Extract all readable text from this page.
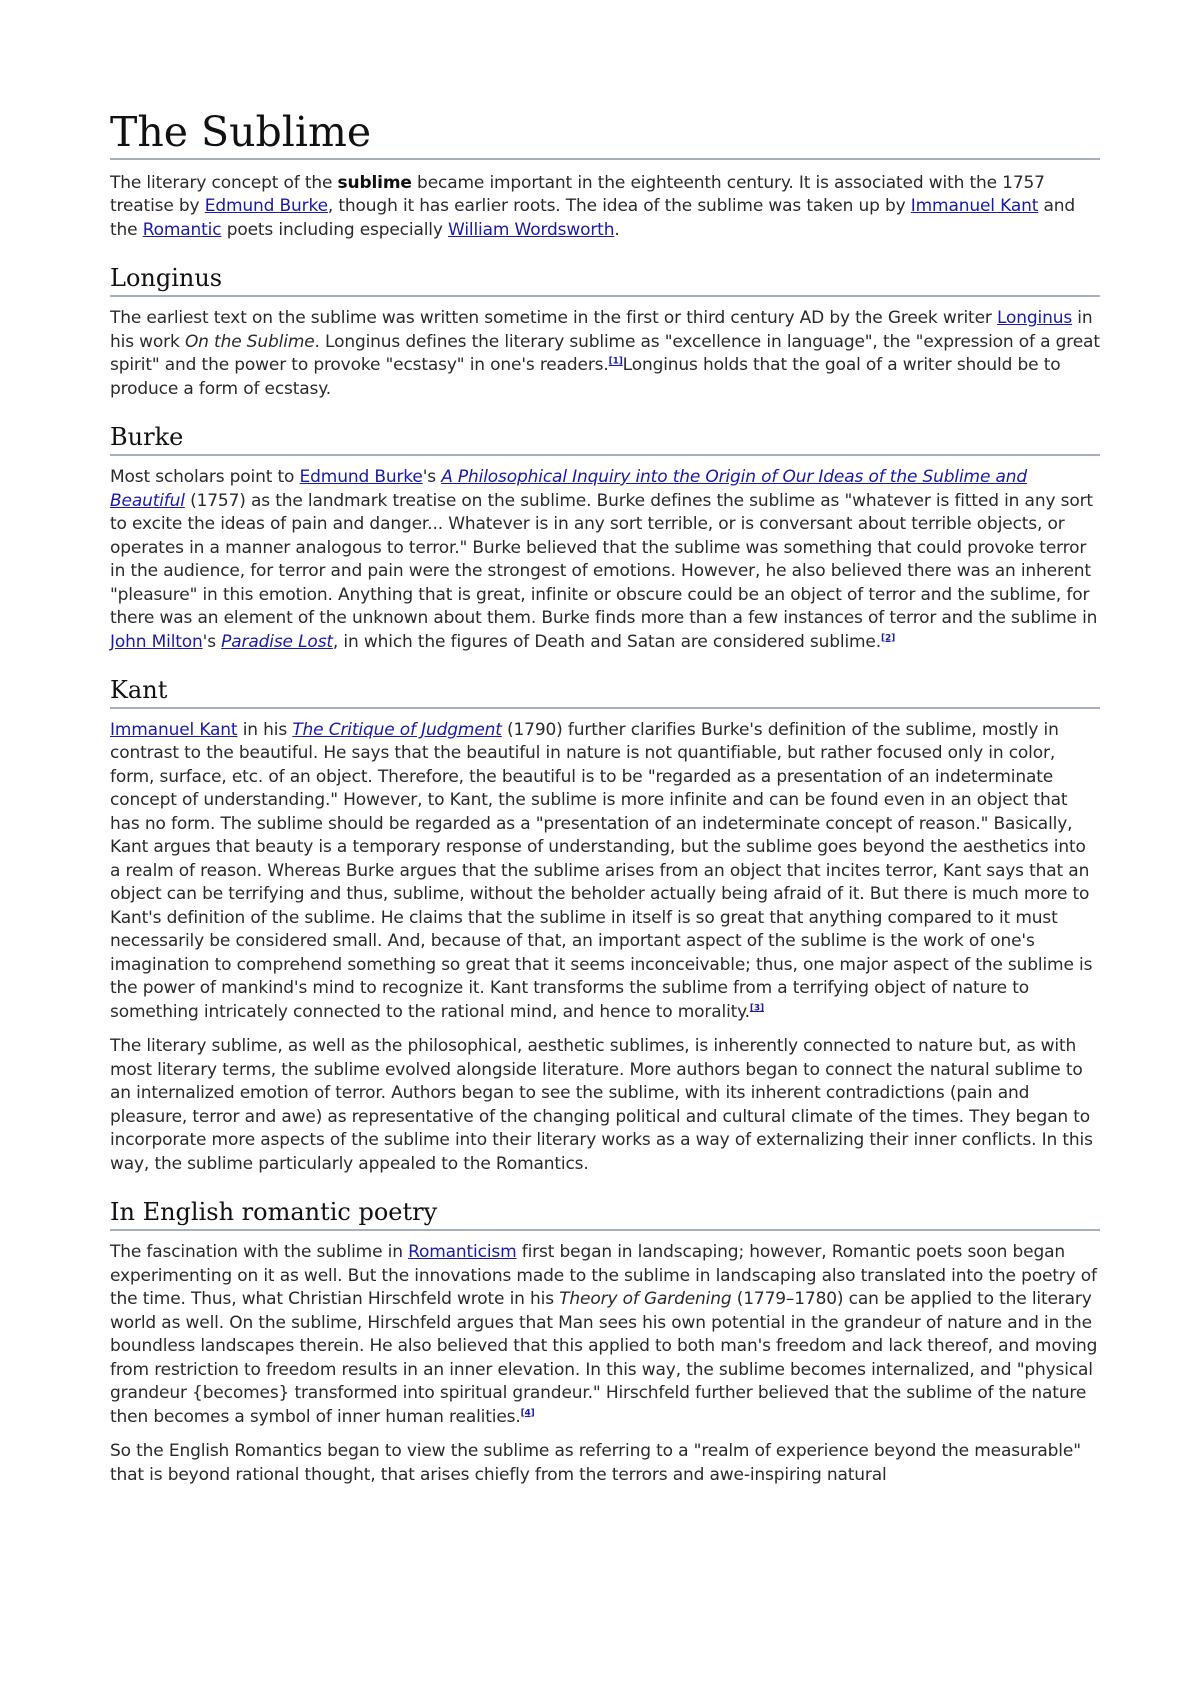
The Sublime

The literary concept of the sublime became important in the eighteenth century. It is associated with the 1757 treatise by Edmund Burke, though it has earlier roots. The idea of the sublime was taken up by Immanuel Kant and the Romantic poets including especially William Wordsworth.

Longinus

The earliest text on the sublime was written sometime in the first or third century AD by the Greek writer Longinus in his work On the Sublime. Longinus defines the literary sublime as "excellence in language", the "expression of a great spirit" and the power to provoke "ecstasy" in one's readers.[1]Longinus holds that the goal of a writer should be to produce a form of ecstasy.

Burke

Most scholars point to Edmund Burke's A Philosophical Inquiry into the Origin of Our Ideas of the Sublime and Beautiful (1757) as the landmark treatise on the sublime. Burke defines the sublime as "whatever is fitted in any sort to excite the ideas of pain and danger... Whatever is in any sort terrible, or is conversant about terrible objects, or operates in a manner analogous to terror." Burke believed that the sublime was something that could provoke terror in the audience, for terror and pain were the strongest of emotions. However, he also believed there was an inherent "pleasure" in this emotion. Anything that is great, infinite or obscure could be an object of terror and the sublime, for there was an element of the unknown about them. Burke finds more than a few instances of terror and the sublime in John Milton's Paradise Lost, in which the figures of Death and Satan are considered sublime.[2]

Kant

Immanuel Kant in his The Critique of Judgment (1790) further clarifies Burke's definition of the sublime, mostly in contrast to the beautiful. He says that the beautiful in nature is not quantifiable, but rather focused only in color, form, surface, etc. of an object. Therefore, the beautiful is to be "regarded as a presentation of an indeterminate concept of understanding." However, to Kant, the sublime is more infinite and can be found even in an object that has no form. The sublime should be regarded as a "presentation of an indeterminate concept of reason." Basically, Kant argues that beauty is a temporary response of understanding, but the sublime goes beyond the aesthetics into a realm of reason. Whereas Burke argues that the sublime arises from an object that incites terror, Kant says that an object can be terrifying and thus, sublime, without the beholder actually being afraid of it. But there is much more to Kant's definition of the sublime. He claims that the sublime in itself is so great that anything compared to it must necessarily be considered small. And, because of that, an important aspect of the sublime is the work of one's imagination to comprehend something so great that it seems inconceivable; thus, one major aspect of the sublime is the power of mankind's mind to recognize it. Kant transforms the sublime from a terrifying object of nature to something intricately connected to the rational mind, and hence to morality.[3]

The literary sublime, as well as the philosophical, aesthetic sublimes, is inherently connected to nature but, as with most literary terms, the sublime evolved alongside literature. More authors began to connect the natural sublime to an internalized emotion of terror. Authors began to see the sublime, with its inherent contradictions (pain and pleasure, terror and awe) as representative of the changing political and cultural climate of the times. They began to incorporate more aspects of the sublime into their literary works as a way of externalizing their inner conflicts. In this way, the sublime particularly appealed to the Romantics.

In English romantic poetry

The fascination with the sublime in Romanticism first began in landscaping; however, Romantic poets soon began experimenting on it as well. But the innovations made to the sublime in landscaping also translated into the poetry of the time. Thus, what Christian Hirschfeld wrote in his Theory of Gardening (1779–1780) can be applied to the literary world as well. On the sublime, Hirschfeld argues that Man sees his own potential in the grandeur of nature and in the boundless landscapes therein. He also believed that this applied to both man's freedom and lack thereof, and moving from restriction to freedom results in an inner elevation. In this way, the sublime becomes internalized, and "physical grandeur {becomes} transformed into spiritual grandeur." Hirschfeld further believed that the sublime of the nature then becomes a symbol of inner human realities.[4]

So the English Romantics began to view the sublime as referring to a "realm of experience beyond the measurable" that is beyond rational thought, that arises chiefly from the terrors and awe-inspiring natural
